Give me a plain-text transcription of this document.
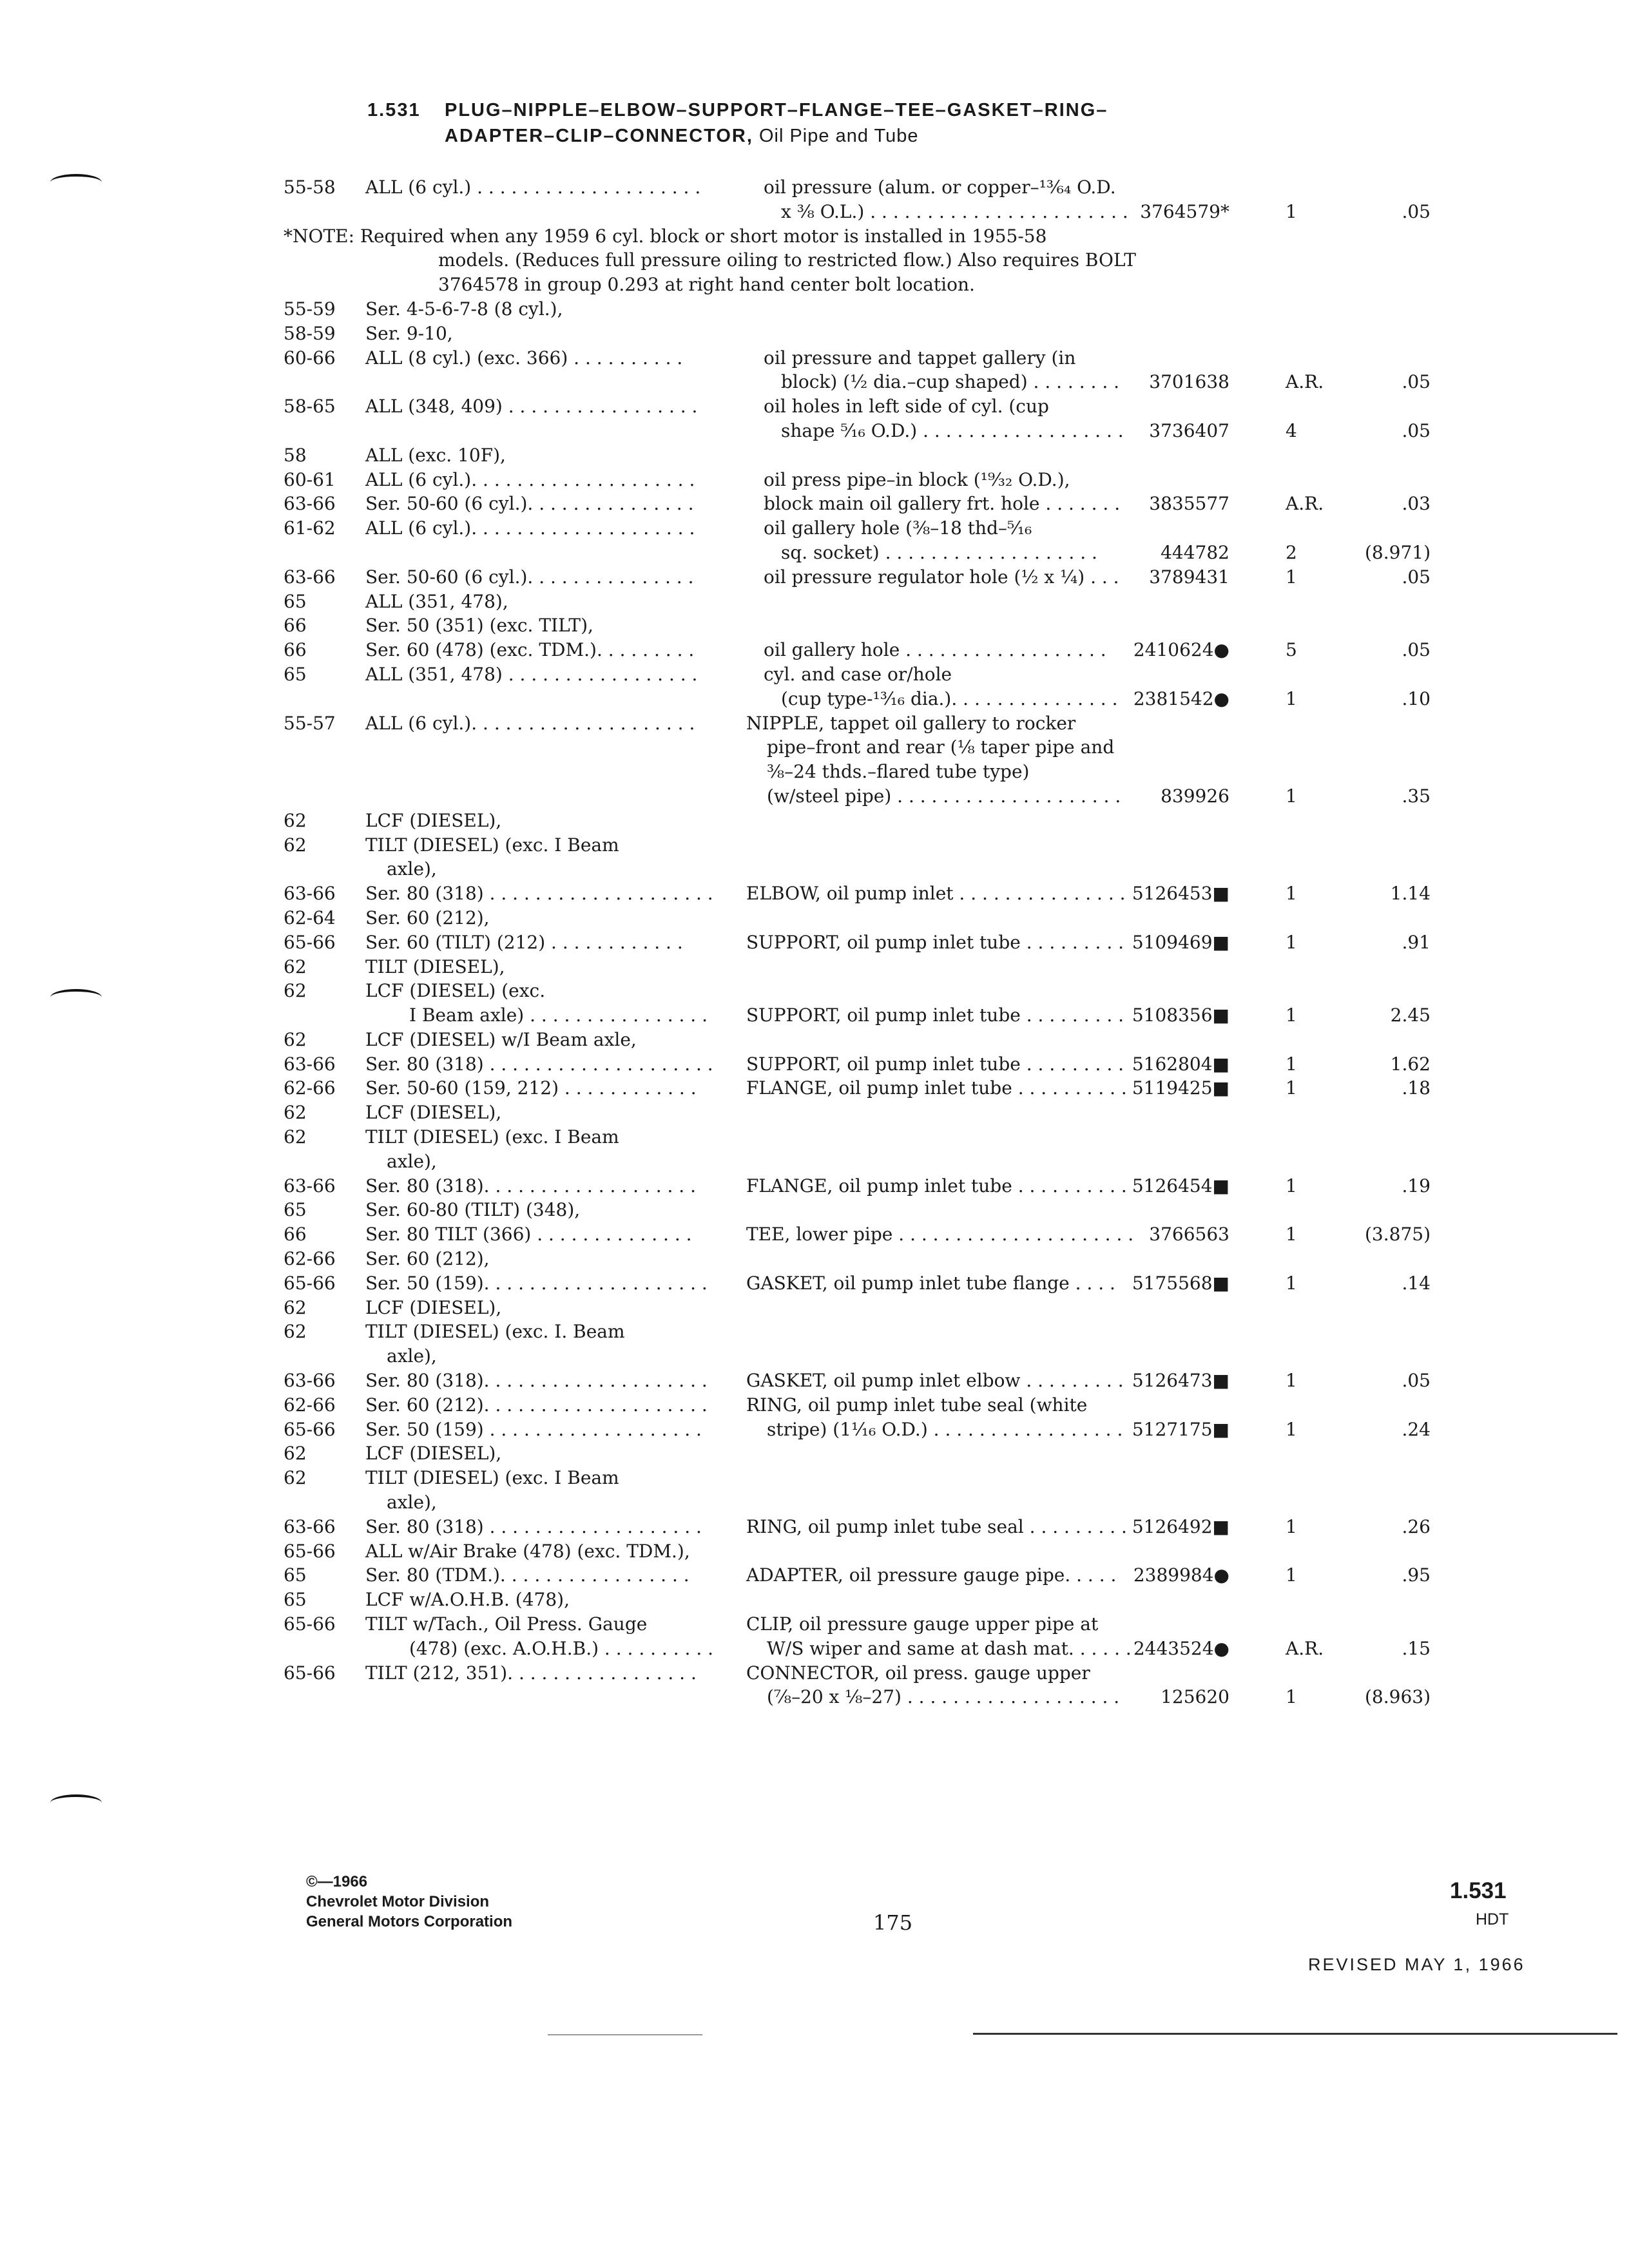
1.531 PLUG–NIPPLE–ELBOW–SUPPORT–FLANGE–TEE–GASKET–RING–
ADAPTER–CLIP–CONNECTOR, Oil Pipe and Tube
55-58 ALL (6 cyl.) . . . . . . . . . . . . . . . . . . . .	oil pressure (alum. or copper–¹³⁄₆₄ O.D.
x ³⁄₈ O.L.) . . . . . . . . . . . . . . . . . . . . . . . 3764579*	1	.05
*NOTE: Required when any 1959 6 cyl. block or short motor is installed in 1955-58
models. (Reduces full pressure oiling to restricted flow.) Also requires BOLT
3764578 in group 0.293 at right hand center bolt location.
55-59 Ser. 4-5-6-7-8 (8 cyl.),
58-59 Ser. 9-10,
60-66 ALL (8 cyl.) (exc. 366) . . . . . . . . . .	oil pressure and tappet gallery (in
block) (½ dia.–cup shaped) . . . . . . . . 3701638	A.R.	.05
58-65 ALL (348, 409) . . . . . . . . . . . . . . . . .	oil holes in left side of cyl. (cup
shape ⁵⁄₁₆ O.D.) . . . . . . . . . . . . . . . . . . 3736407	4	.05
58	ALL (exc. 10F),
60-61 ALL (6 cyl.). . . . . . . . . . . . . . . . . . . .	oil press pipe–in block (¹⁹⁄₃₂ O.D.),
63-66 Ser. 50-60 (6 cyl.). . . . . . . . . . . . . . .	block main oil gallery frt. hole . . . . . . . 3835577	A.R.	.03
61-62 ALL (6 cyl.). . . . . . . . . . . . . . . . . . . .	oil gallery hole (⅜–18 thd–⁵⁄₁₆
sq. socket) . . . . . . . . . . . . . . . . . . .	444782	2	(8.971)
63-66 Ser. 50-60 (6 cyl.). . . . . . . . . . . . . . .	oil pressure regulator hole (½ x ¼) . . . 3789431	1	.05
65	ALL (351, 478),
66	Ser. 50 (351) (exc. TILT),
66	Ser. 60 (478) (exc. TDM.). . . . . . . . .	oil gallery hole . . . . . . . . . . . . . . . . . . 2410624●	5	.05
65	ALL (351, 478) . . . . . . . . . . . . . . . . .	cyl. and case or/hole
(cup type-¹³⁄₁₆ dia.). . . . . . . . . . . . . . . 2381542●	1	.10
55-57 ALL (6 cyl.). . . . . . . . . . . . . . . . . . . .	NIPPLE, tappet oil gallery to rocker
pipe–front and rear (⅛ taper pipe and
⅜–24 thds.–flared tube type)
(w/steel pipe) . . . . . . . . . . . . . . . . . . . . 839926	1	.35
62	LCF (DIESEL),
62	TILT (DIESEL) (exc. I Beam
axle),
63-66 Ser. 80 (318) . . . . . . . . . . . . . . . . . . . . ELBOW, oil pump inlet . . . . . . . . . . . . . . . 5126453■	1	1.14
62-64 Ser. 60 (212),
65-66 Ser. 60 (TILT) (212) . . . . . . . . . . . .	SUPPORT, oil pump inlet tube . . . . . . . . . 5109469■	1	.91
62	TILT (DIESEL),
62	LCF (DIESEL) (exc.
I Beam axle) . . . . . . . . . . . . . . . . SUPPORT, oil pump inlet tube . . . . . . . . . 5108356■	1	2.45
62	LCF (DIESEL) w/I Beam axle,
63-66 Ser. 80 (318) . . . . . . . . . . . . . . . . . . . . SUPPORT, oil pump inlet tube . . . . . . . . . 5162804■	1	1.62
62-66 Ser. 50-60 (159, 212) . . . . . . . . . . . .	FLANGE, oil pump inlet tube . . . . . . . . . . 5119425■	1	.18
62	LCF (DIESEL),
62	TILT (DIESEL) (exc. I Beam
axle),
63-66 Ser. 80 (318). . . . . . . . . . . . . . . . . . .	FLANGE, oil pump inlet tube . . . . . . . . . . 5126454■	1	.19
65	Ser. 60-80 (TILT) (348),
66	Ser. 80 TILT (366) . . . . . . . . . . . . . .	TEE, lower pipe . . . . . . . . . . . . . . . . . . . . . 3766563	1	(3.875)
62-66 Ser. 60 (212),
65-66 Ser. 50 (159). . . . . . . . . . . . . . . . . . . . GASKET, oil pump inlet tube flange . . . . 5175568■	1	.14
62	LCF (DIESEL),
62	TILT (DIESEL) (exc. I. Beam
axle),
63-66 Ser. 80 (318). . . . . . . . . . . . . . . . . . . . GASKET, oil pump inlet elbow . . . . . . . . . 5126473■	1	.05
62-66 Ser. 60 (212). . . . . . . . . . . . . . . . . . . . RING, oil pump inlet tube seal (white
65-66 Ser. 50 (159) . . . . . . . . . . . . . . . . . . .	stripe) (1¹⁄₁₆ O.D.) . . . . . . . . . . . . . . . . . 5127175■	1	.24
62	LCF (DIESEL),
62	TILT (DIESEL) (exc. I Beam
axle),
63-66 Ser. 80 (318) . . . . . . . . . . . . . . . . . . . RING, oil pump inlet tube seal . . . . . . . . . 5126492■	1	.26
65-66 ALL w/Air Brake (478) (exc. TDM.),
65	Ser. 80 (TDM.). . . . . . . . . . . . . . . . .	ADAPTER, oil pressure gauge pipe. . . . . 2389984●	1	.95
65	LCF w/A.O.H.B. (478),
65-66 TILT w/Tach., Oil Press. Gauge	CLIP, oil pressure gauge upper pipe at
(478) (exc. A.O.H.B.) . . . . . . . . . .	W/S wiper and same at dash mat. . . . . . 2443524●	A.R.	.15
65-66 TILT (212, 351). . . . . . . . . . . . . . . . .	CONNECTOR, oil press. gauge upper
(⅞–20 x ⅛–27) . . . . . . . . . . . . . . . . . . . 125620	1	(8.963)
©—1966
Chevrolet Motor Division
General Motors Corporation	175
1.531
HDT
REVISED MAY 1, 1966
